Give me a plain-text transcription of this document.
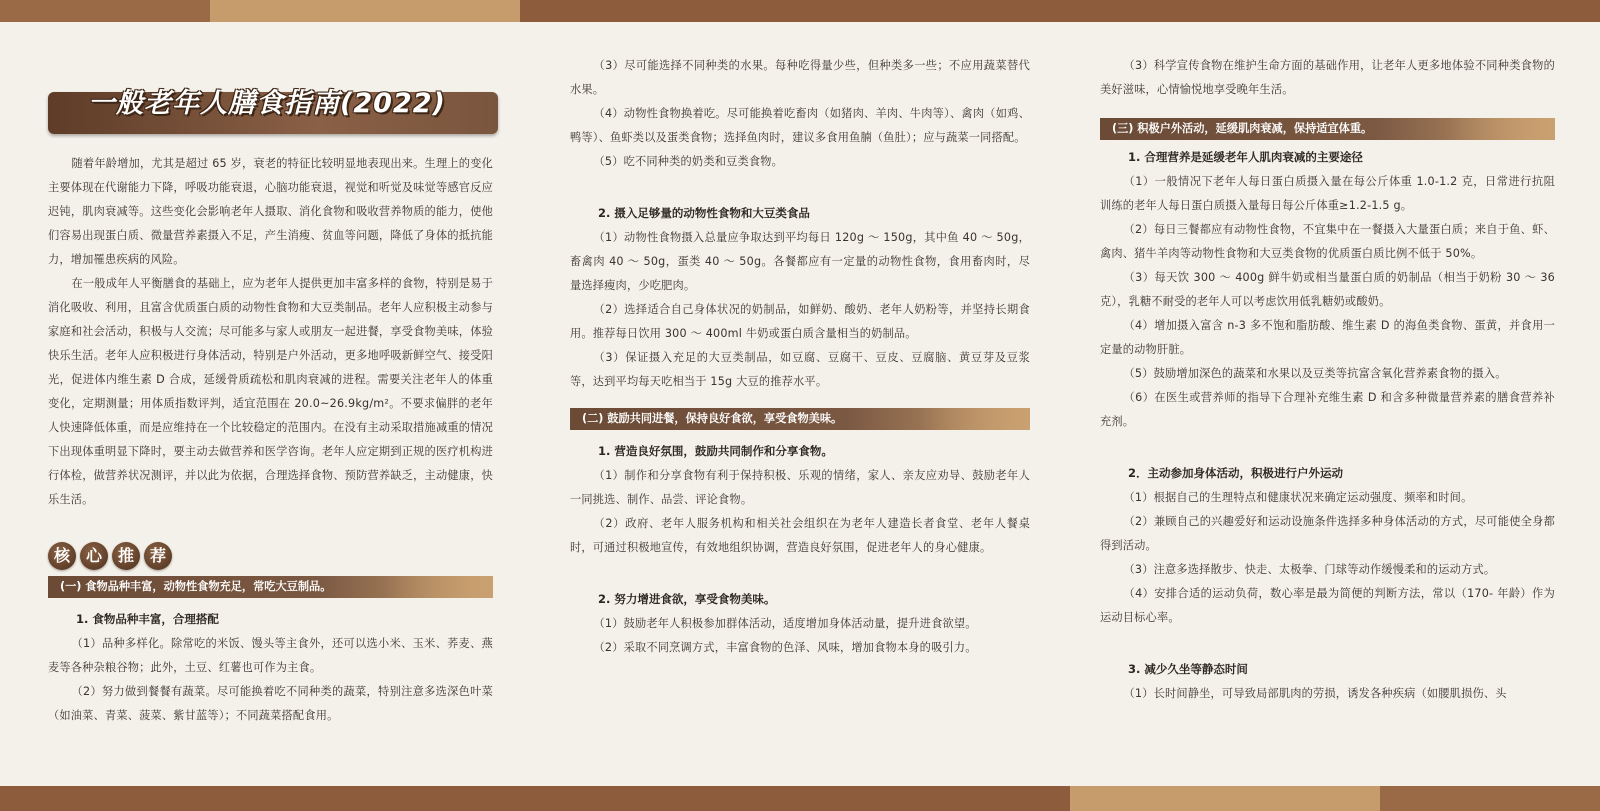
一般老年人膳食指南(2022)

随着年龄增加，尤其是超过 65 岁，衰老的特征比较明显地表现出来。生理上的变化主要体现在代谢能力下降，呼吸功能衰退，心脑功能衰退，视觉和听觉及味觉等感官反应迟钝，肌肉衰减等。这些变化会影响老年人摄取、消化食物和吸收营养物质的能力，使他们容易出现蛋白质、微量营养素摄入不足，产生消瘦、贫血等问题，降低了身体的抵抗能力，增加罹患疾病的风险。

在一般成年人平衡膳食的基础上，应为老年人提供更加丰富多样的食物，特别是易于消化吸收、利用，且富含优质蛋白质的动物性食物和大豆类制品。老年人应积极主动参与家庭和社会活动，积极与人交流；尽可能多与家人或朋友一起进餐，享受食物美味，体验快乐生活。老年人应积极进行身体活动，特别是户外活动，更多地呼吸新鲜空气、接受阳光，促进体内维生素 D 合成，延缓骨质疏松和肌肉衰减的进程。需要关注老年人的体重变化，定期测量；用体质指数评判，适宜范围在 20.0~26.9kg/m²。不要求偏胖的老年人快速降低体重，而是应维持在一个比较稳定的范围内。在没有主动采取措施减重的情况下出现体重明显下降时，要主动去做营养和医学咨询。老年人应定期到正规的医疗机构进行体检，做营养状况测评，并以此为依据，合理选择食物、预防营养缺乏，主动健康，快乐生活。

核 心 推 荐
(一) 食物品种丰富，动物性食物充足，常吃大豆制品。
1. 食物品种丰富，合理搭配

（1）品种多样化。除常吃的米饭、馒头等主食外，还可以选小米、玉米、荞麦、燕麦等各种杂粮谷物；此外，土豆、红薯也可作为主食。

（2）努力做到餐餐有蔬菜。尽可能换着吃不同种类的蔬菜，特别注意多选深色叶菜（如油菜、青菜、菠菜、紫甘蓝等）；不同蔬菜搭配食用。

（3）尽可能选择不同种类的水果。每种吃得量少些，但种类多一些；不应用蔬菜替代水果。

（4）动物性食物换着吃。尽可能换着吃畜肉（如猪肉、羊肉、牛肉等）、禽肉（如鸡、鸭等）、鱼虾类以及蛋类食物；选择鱼肉时，建议多食用鱼腩（鱼肚）；应与蔬菜一同搭配。

（5）吃不同种类的奶类和豆类食物。

2. 摄入足够量的动物性食物和大豆类食品

（1）动物性食物摄入总量应争取达到平均每日 120g ～ 150g，其中鱼 40 ～ 50g，畜禽肉 40 ～ 50g，蛋类 40 ～ 50g。各餐都应有一定量的动物性食物，食用畜肉时，尽量选择瘦肉，少吃肥肉。

（2）选择适合自己身体状况的奶制品，如鲜奶、酸奶、老年人奶粉等，并坚持长期食用。推荐每日饮用 300 ～ 400ml 牛奶或蛋白质含量相当的奶制品。

（3）保证摄入充足的大豆类制品，如豆腐、豆腐干、豆皮、豆腐脑、黄豆芽及豆浆等，达到平均每天吃相当于 15g 大豆的推荐水平。

(二) 鼓励共同进餐，保持良好食欲，享受食物美味。
1. 营造良好氛围，鼓励共同制作和分享食物。

（1）制作和分享食物有利于保持积极、乐观的情绪，家人、亲友应劝导、鼓励老年人一同挑选、制作、品尝、评论食物。

（2）政府、老年人服务机构和相关社会组织在为老年人建造长者食堂、老年人餐桌时，可通过积极地宣传，有效地组织协调，营造良好氛围，促进老年人的身心健康。

2. 努力增进食欲，享受食物美味。

（1）鼓励老年人积极参加群体活动，适度增加身体活动量，提升进食欲望。

（2）采取不同烹调方式，丰富食物的色泽、风味，增加食物本身的吸引力。

（3）科学宣传食物在维护生命方面的基础作用，让老年人更多地体验不同种类食物的美好滋味，心情愉悦地享受晚年生活。

(三) 积极户外活动，延缓肌肉衰减，保持适宜体重。
1. 合理营养是延缓老年人肌肉衰减的主要途径

（1）一般情况下老年人每日蛋白质摄入量在每公斤体重 1.0-1.2 克，日常进行抗阻训练的老年人每日蛋白质摄入量每日每公斤体重≥1.2-1.5 g。

（2）每日三餐都应有动物性食物，不宜集中在一餐摄入大量蛋白质；来自于鱼、虾、禽肉、猪牛羊肉等动物性食物和大豆类食物的优质蛋白质比例不低于 50%。

（3）每天饮 300 ～ 400g 鲜牛奶或相当量蛋白质的奶制品（相当于奶粉 30 ～ 36 克），乳糖不耐受的老年人可以考虑饮用低乳糖奶或酸奶。

（4）增加摄入富含 n-3 多不饱和脂肪酸、维生素 D 的海鱼类食物、蛋黄，并食用一定量的动物肝脏。

（5）鼓励增加深色的蔬菜和水果以及豆类等抗富含氧化营养素食物的摄入。

（6）在医生或营养师的指导下合理补充维生素 D 和含多种微量营养素的膳食营养补充剂。

2．主动参加身体活动，积极进行户外运动

（1）根据自己的生理特点和健康状况来确定运动强度、频率和时间。

（2）兼顾自己的兴趣爱好和运动设施条件选择多种身体活动的方式，尽可能使全身都得到活动。

（3）注意多选择散步、快走、太极拳、门球等动作缓慢柔和的运动方式。

（4）安排合适的运动负荷，数心率是最为简便的判断方法，常以（170- 年龄）作为运动目标心率。

3. 减少久坐等静态时间

（1）长时间静坐，可导致局部肌肉的劳损，诱发各种疾病（如腰肌损伤、头
